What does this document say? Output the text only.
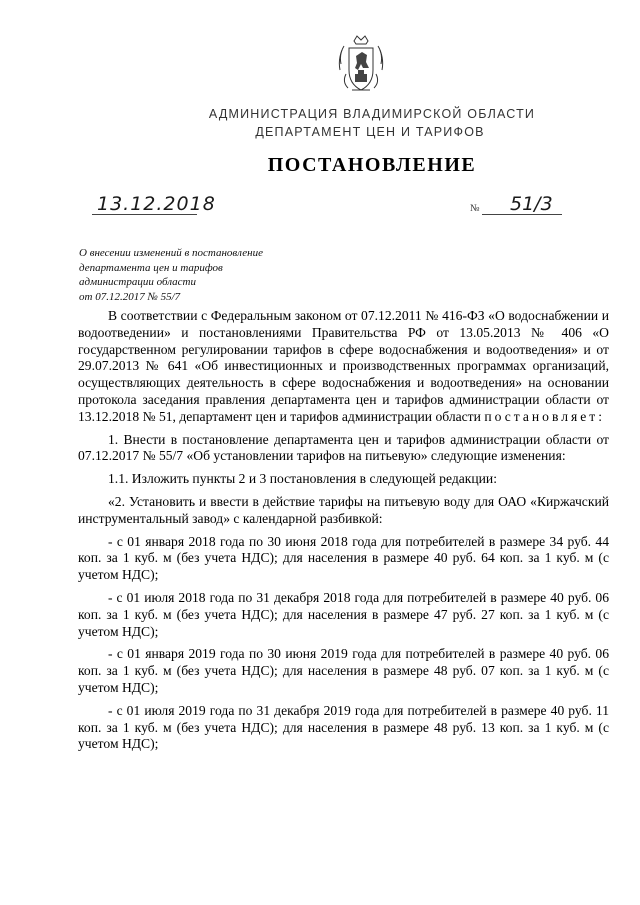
АДМИНИСТРАЦИЯ ВЛАДИМИРСКОЙ ОБЛАСТИ
ДЕПАРТАМЕНТ ЦЕН И ТАРИФОВ
ПОСТАНОВЛЕНИЕ
13.12.2018	№ 51/3
О внесении изменений в постановление
департамента цен и тарифов
администрации области
от 07.12.2017 № 55/7

В соответствии с Федеральным законом от 07.12.2011 № 416-ФЗ «О водоснабжении и водоотведении» и постановлениями Правительства РФ от 13.05.2013 № 406 «О государственном регулировании тарифов в сфере водоснабжения и водоотведения» и от 29.07.2013 № 641 «Об инвестиционных и производственных программах организаций, осуществляющих деятельность в сфере водоснабжения и водоотведения» на основании протокола заседания правления департамента цен и тарифов администрации области от 13.12.2018 № 51, департамент цен и тарифов администрации области постановляет:

1. Внести в постановление департамента цен и тарифов администрации области от 07.12.2017 № 55/7 «Об установлении тарифов на питьевую» следующие изменения:

1.1. Изложить пункты 2 и 3 постановления в следующей редакции:

«2. Установить и ввести в действие тарифы на питьевую воду для ОАО «Киржачский инструментальный завод» с календарной разбивкой:

- с 01 января 2018 года по 30 июня 2018 года для потребителей в размере 34 руб. 44 коп. за 1 куб. м (без учета НДС); для населения в размере 40 руб. 64 коп. за 1 куб. м (с учетом НДС);

- с 01 июля 2018 года по 31 декабря 2018 года для потребителей в размере 40 руб. 06 коп. за 1 куб. м (без учета НДС); для населения в размере 47 руб. 27 коп. за 1 куб. м (с учетом НДС);

- с 01 января 2019 года по 30 июня 2019 года для потребителей в размере 40 руб. 06 коп. за 1 куб. м (без учета НДС); для населения в размере 48 руб. 07 коп. за 1 куб. м (с учетом НДС);

- с 01 июля 2019 года по 31 декабря 2019 года для потребителей в размере 40 руб. 11 коп. за 1 куб. м (без учета НДС); для населения в размере 48 руб. 13 коп. за 1 куб. м (с учетом НДС);
